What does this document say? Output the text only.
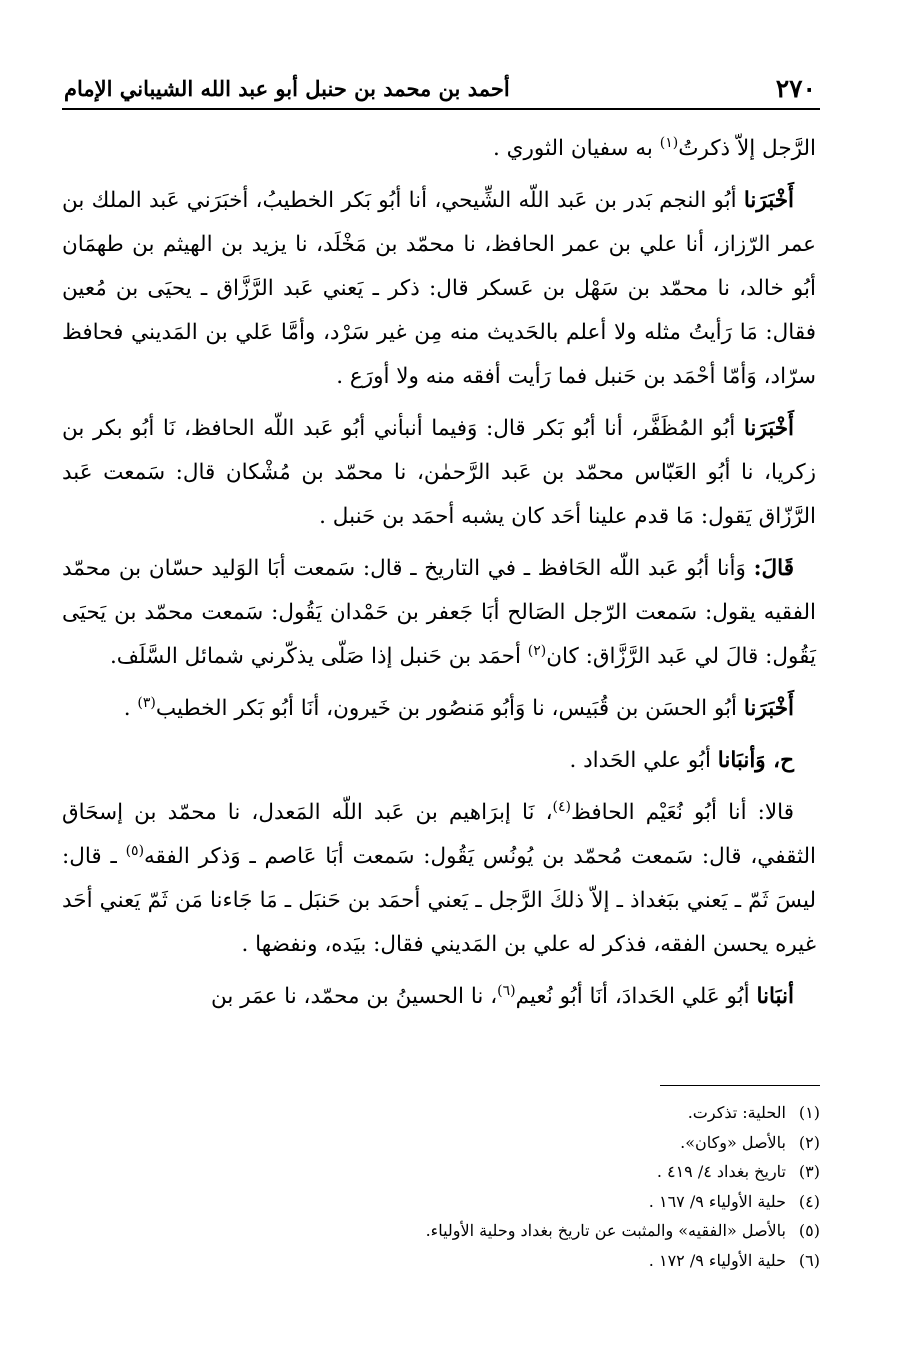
٢٧٠
أحمد بن محمد بن حنبل أبو عبد الله الشيباني الإمام

الرَّجل إلاّ ذكرتُ$^{(١)}$ به سفيان الثوري .

أَخْبَرَنا أبُو النجم بَدر بن عَبد اللّه الشِّيحي، أنا أبُو بَكر الخطيبُ، أخبَرَني عَبد الملك بن عمر الرّزاز، أنا علي بن عمر الحافظ، نا محمّد بن مَخْلَد، نا يزيد بن الهيثم بن طهمَان أبُو خالد، نا محمّد بن سَهْل بن عَسكر قال: ذكر ـ يَعني عَبد الرَّزَّاق ـ يحيَى بن مُعين فقال: مَا رَأيتُ مثله ولا أعلم بالحَديث منه مِن غير سَرْد، وأمَّا عَلي بن المَديني فحافظ سرّاد، وَأمّا أحْمَد بن حَنبل فما رَأيت أفقه منه ولا أورَع .

أَخْبَرَنا أبُو المُظَفَّر، أنا أبُو بَكر قال: وَفيما أنبأني أبُو عَبد اللّه الحافظ، نَا أبُو بكر بن زكريا، نا أبُو العَبّاس محمّد بن عَبد الرَّحمٰن، نا محمّد بن مُشْكان قال: سَمعت عَبد الرَّزّاق يَقول: مَا قدم علينا أحَد كان يشبه أحمَد بن حَنبل .

قَالَ: وَأنا أبُو عَبد اللّه الحَافظ ـ في التاريخ ـ قال: سَمعت أبَا الوَليد حسّان بن محمّد الفقيه يقول: سَمعت الرّجل الصَالح أبَا جَعفر بن حَمْدان يَقُول: سَمعت محمّد بن يَحيَى يَقُول: قالَ لي عَبد الرَّزَّاق: كان$^{(٢)}$ أحمَد بن حَنبل إذا صَلّى يذكّرني شمائل السَّلَف.

أَخْبَرَنا أبُو الحسَن بن قُبَيس، نا وَأبُو مَنصُور بن خَيرون، أنَا أبُو بَكر الخطيب$^{(٣)}$ .

ح، وَأنبَانا أبُو علي الحَداد .

قالا: أنا أبُو نُعَيْم الحافظ$^{(٤)}$، نَا إبرَاهيم بن عَبد اللّه المَعدل، نا محمّد بن إسحَاق الثقفي، قال: سَمعت مُحمّد بن يُونُس يَقُول: سَمعت أبَا عَاصم ـ وَذكر الفقه$^{(٥)}$ ـ قال: ليسَ ثَمّ ـ يَعني ببَغداذ ـ إلاّ ذلكَ الرَّجل ـ يَعني أحمَد بن حَنبَل ـ مَا جَاءنا مَن ثَمّ يَعني أحَد غيره يحسن الفقه، فذكر له علي بن المَديني فقال: بيَده، ونفضها .

أنبَانا أبُو عَلي الحَدادَ، أنَا أبُو نُعيم$^{(٦)}$، نا الحسينُ بن محمّد، نا عمَر بن

(١)الحلية: تذكرت.
(٢)بالأصل «وكان».
(٣)تاريخ بغداد ٤/ ٤١٩ .
(٤)حلية الأولياء ٩/ ١٦٧ .
(٥)بالأصل «الفقيه» والمثبت عن تاريخ بغداد وحلية الأولياء.
(٦)حلية الأولياء ٩/ ١٧٢ .
